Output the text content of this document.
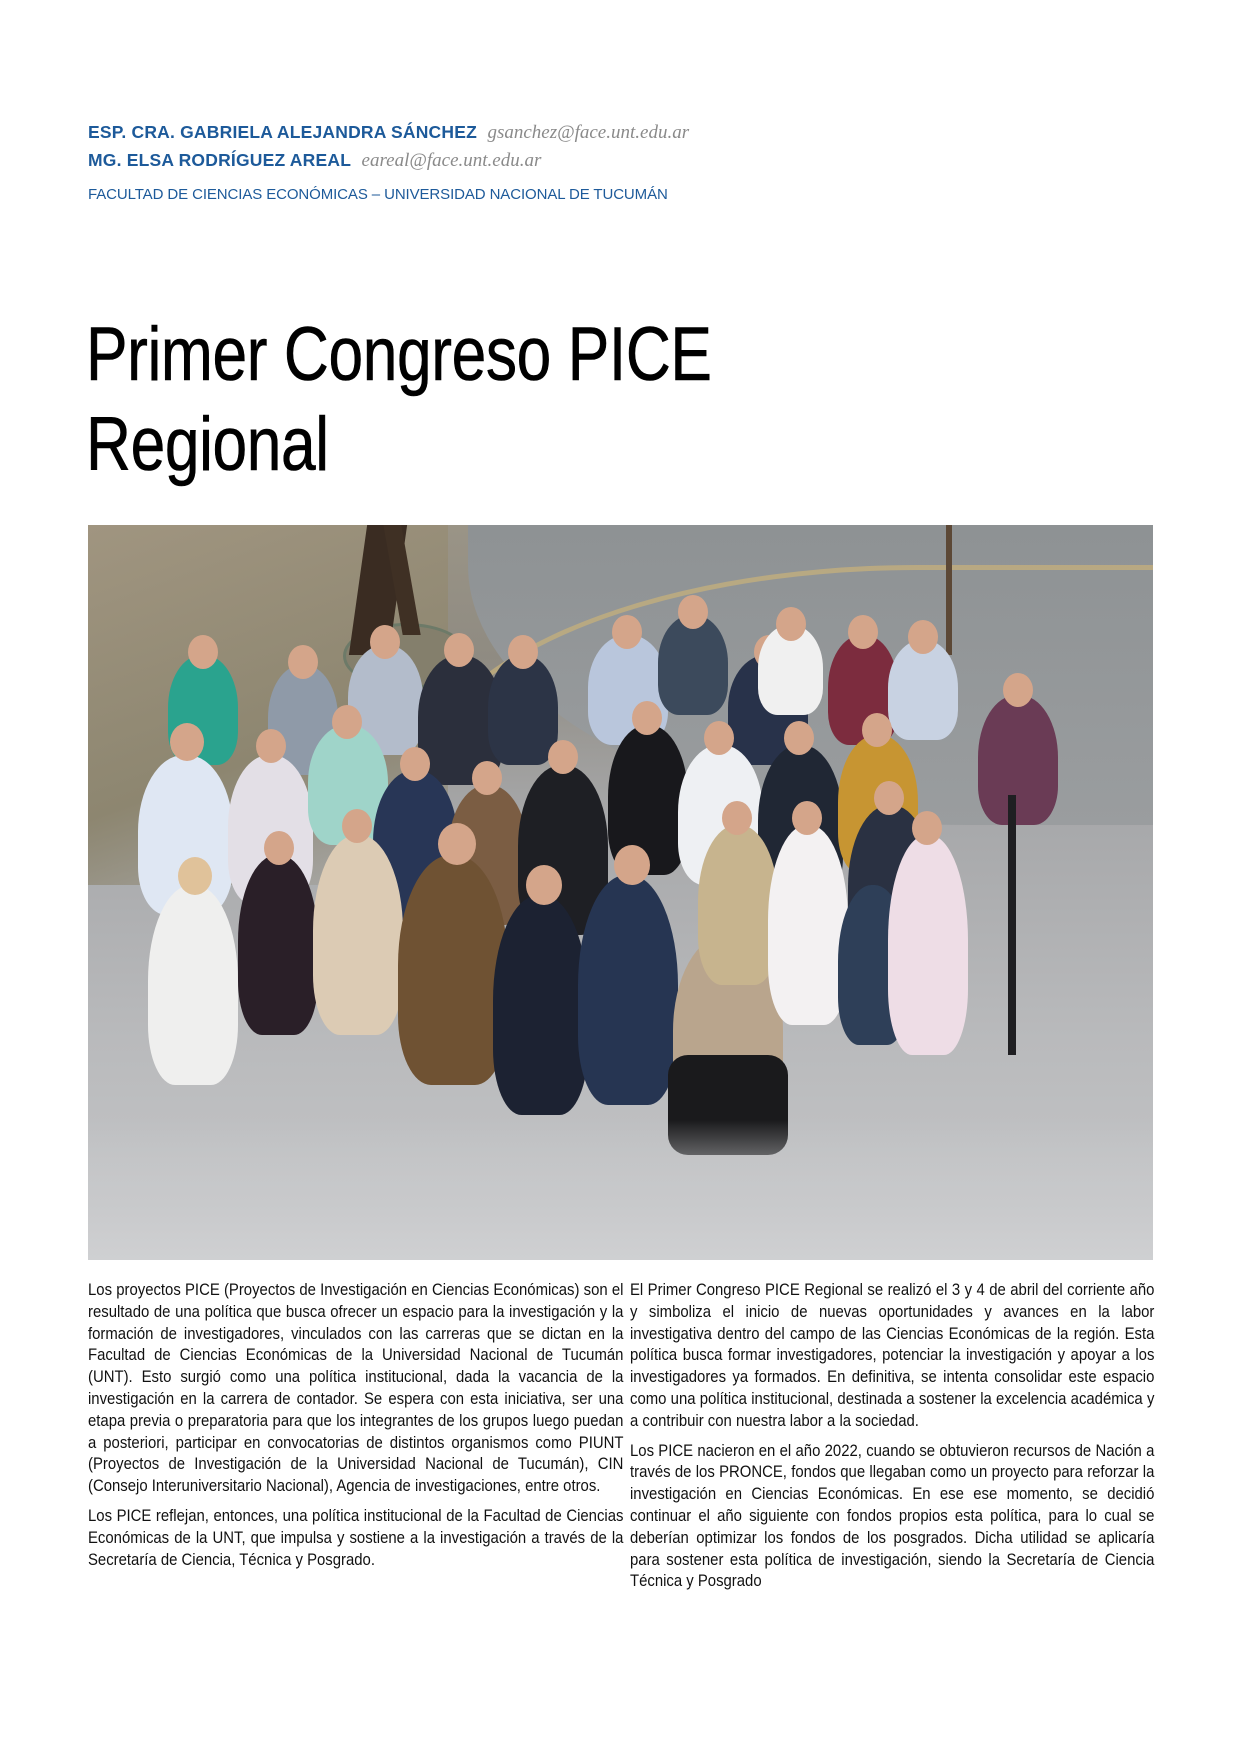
ESP. CRA. GABRIELA ALEJANDRA SÁNCHEZ gsanchez@face.unt.edu.ar
MG. ELSA RODRÍGUEZ AREAL eareal@face.unt.edu.ar
FACULTAD DE CIENCIAS ECONÓMICAS – UNIVERSIDAD NACIONAL DE TUCUMÁN
Primer Congreso PICE
Regional

Los proyectos PICE (Proyectos de Investigación en Ciencias Económicas) son el resultado de una política que busca ofrecer un espacio para la investigación y la formación de investigadores, vinculados con las carreras que se dictan en la Facultad de Ciencias Económicas de la Universidad Nacional de Tucumán (UNT). Esto surgió como una política institucional, dada la vacancia de la investigación en la carrera de contador. Se espera con esta iniciativa, ser una etapa previa o preparatoria para que los integrantes de los grupos luego puedan a posteriori, participar en convocatorias de distintos organismos como PIUNT (Proyectos de Investigación de la Universidad Nacional de Tucumán), CIN (Consejo Interuniversitario Nacional), Agencia de investigaciones, entre otros.

Los PICE reflejan, entonces, una política institucional de la Facultad de Ciencias Económicas de la UNT, que impulsa y sostiene a la investigación a través de la Secretaría de Ciencia, Técnica y Posgrado.

El Primer Congreso PICE Regional se realizó el 3 y 4 de abril del corriente año y simboliza el inicio de nuevas oportunidades y avances en la labor investigativa dentro del campo de las Ciencias Económicas de la región. Esta política busca formar investigadores, potenciar la investigación y apoyar a los investigadores ya formados. En definitiva, se intenta consolidar este espacio como una política institucional, destinada a sostener la excelencia académica y a contribuir con nuestra labor a la sociedad.

Los PICE nacieron en el año 2022, cuando se obtuvieron recursos de Nación a través de los PRONCE, fondos que llegaban como un proyecto para reforzar la investigación en Ciencias Económicas. En ese ese momento, se decidió continuar el año siguiente con fondos propios esta política, para lo cual se deberían optimizar los fondos de los posgrados. Dicha utilidad se aplicaría para sostener esta política de investigación, siendo la Secretaría de Ciencia Técnica y Posgrado
